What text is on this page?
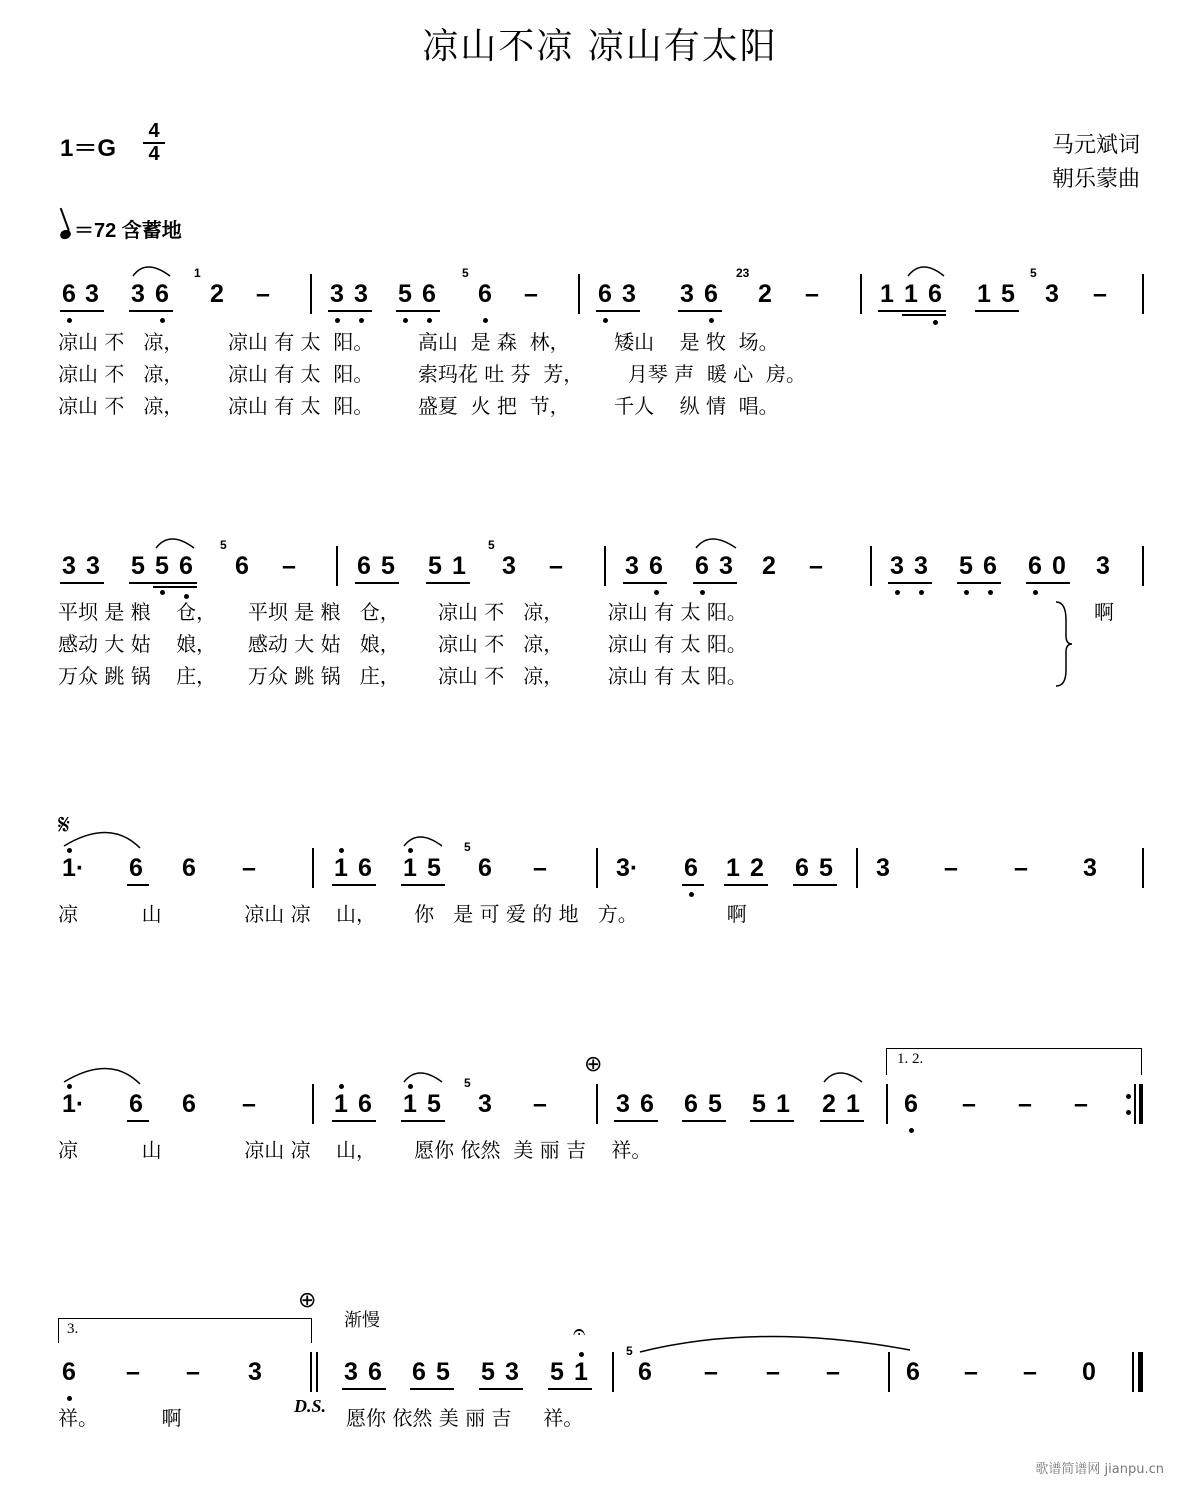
凉山不凉 凉山有太阳
1＝G
4
4	马元斌词
朝乐蒙曲
＝72 含蓄地
6 3 3 6 2 – 3 3 5 6 6 – 6 3 3 6 2 – 1 1 6 1 5 3 –
1	5	23	5
凉山 不   凉，       凉山 有 太  阳。       高山  是 森  林，       矮山    是 牧  场。
凉山 不   凉，       凉山 有 太  阳。       索玛花 吐 芬  芳，       月琴 声  暖 心  房。
凉山 不   凉，       凉山 有 太  阳。       盛夏  火 把  节，       千人    纵 情  唱。
3 3 5 5 6 6 – 6 5 5 1 3 – 3 6 6 3 2 –	3 3 5 6 6 0 3
5	5
平坝 是 粮    仓，     平坝 是 粮   仓，      凉山 不   凉，       凉山 有 太 阳。
感动 大 姑    娘，     感动 大 姑   娘，      凉山 不   凉，       凉山 有 太 阳。
万众 跳 锅    庄，     万众 跳 锅   庄，      凉山 不   凉，       凉山 有 太 阳。
啊
𝄋
1· 6 6 –	1 6 1 5 6 –	3· 6 1 2 6 5 3 – – 3
5
凉          山             凉山 凉    山，      你   是 可 爱 的 地   方。              啊
⊕	1. 2.
1· 6 6 –	1 6 1 5 3 –	3 6 6 5 5 1 2 1 6 – – –
5
凉          山             凉山 凉    山，      愿你 依然  美 丽 吉    祥。
3.
⊕
渐慢	𝄐
6 – – 3	3 6 6 5 5 3 5 1 6 – – –	6 – – 0
5
D.S.
祥。          啊	愿你 依然 美 丽 吉     祥。
歌谱简谱网 jianpu.cn
